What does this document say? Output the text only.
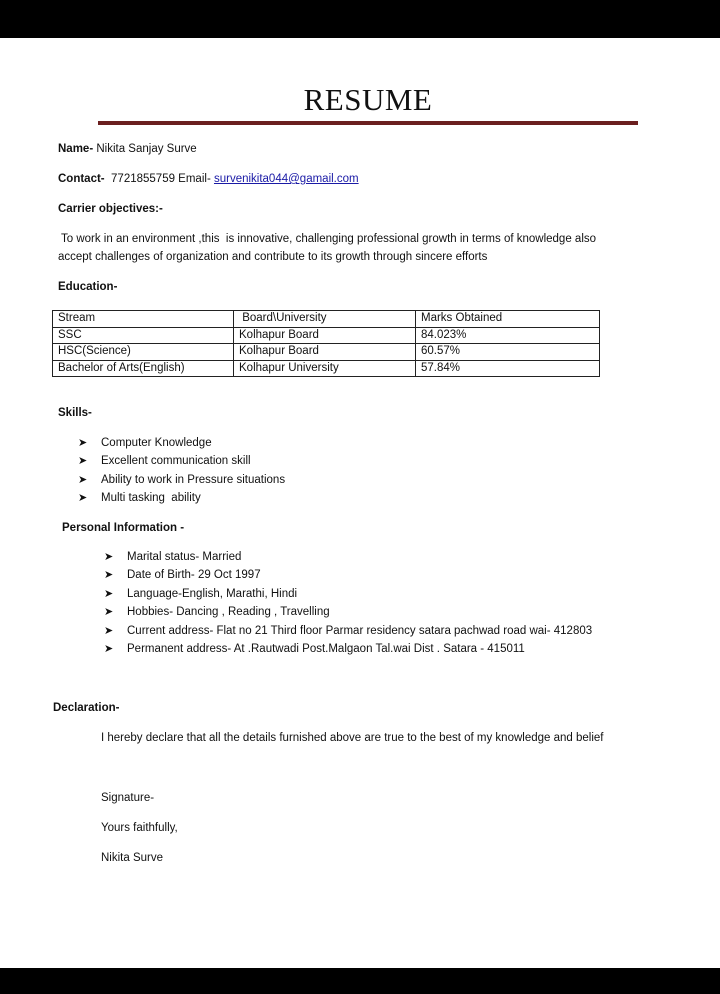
RESUME
Name- Nikita Sanjay Surve
Contact-  7721855759 Email- survenikita044@gamail.com
Carrier objectives:-
To work in an environment ,this  is innovative, challenging professional growth in terms of knowledge also
accept challenges of organization and contribute to its growth through sincere efforts
Education-
Stream	Board\University	Marks Obtained
SSC	Kolhapur Board	84.023%
HSC(Science)	Kolhapur Board	60.57%
Bachelor of Arts(English)	Kolhapur University	57.84%
Skills-
➤ Computer Knowledge
➤ Excellent communication skill
➤ Ability to work in Pressure situations
➤ Multi tasking  ability
Personal Information -
➤ Marital status- Married
➤ Date of Birth- 29 Oct 1997
➤ Language-English, Marathi, Hindi
➤ Hobbies- Dancing , Reading , Travelling
➤ Current address- Flat no 21 Third floor Parmar residency satara pachwad road wai- 412803
➤ Permanent address- At .Rautwadi Post.Malgaon Tal.wai Dist . Satara - 415011
Declaration-
I hereby declare that all the details furnished above are true to the best of my knowledge and belief
Signature-
Yours faithfully,
Nikita Surve
